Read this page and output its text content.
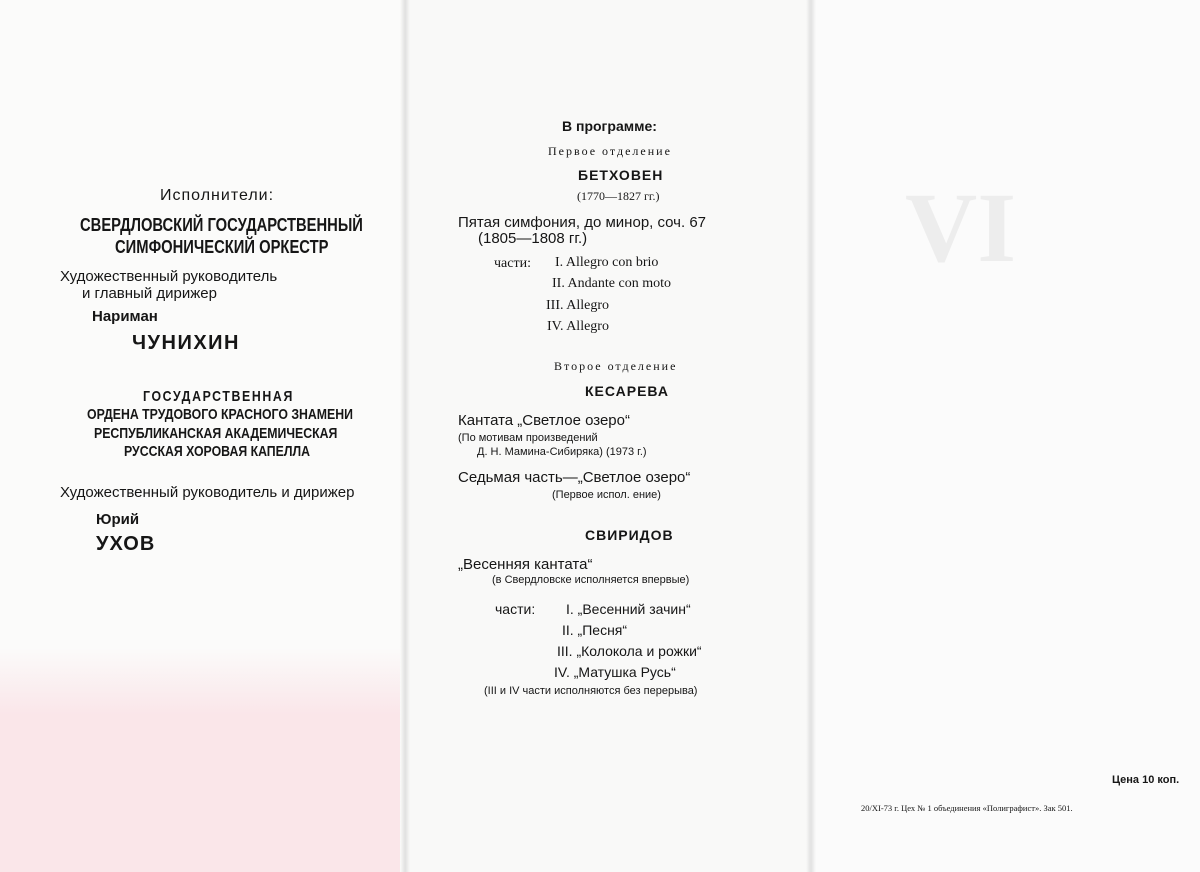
VI
Исполнители:
СВЕРДЛОВСКИЙ ГОСУДАРСТВЕННЫЙ
СИМФОНИЧЕСКИЙ ОРКЕСТР
Художественный руководитель
и главный дирижер
Нариман
ЧУНИХИН
ГОСУДАРСТВЕННАЯ
ОРДЕНА ТРУДОВОГО КРАСНОГО ЗНАМЕНИ
РЕСПУБЛИКАНСКАЯ АКАДЕМИЧЕСКАЯ
РУССКАЯ ХОРОВАЯ КАПЕЛЛА
Художественный руководитель и дирижер
Юрий
УХОВ
В программе:
Первое отделение
БЕТХОВЕН
(1770—1827 гг.)
Пятая симфония, до минор, соч. 67
(1805—1808 гг.)
части: I. Allegro con brio
II. Andante con moto
III. Allegro
IV. Allegro
Второе отделение
КЕСАРЕВА
Кантата „Светлое озеро“
(По мотивам произведений
Д. Н. Мамина-Сибиряка) (1973 г.)
Седьмая часть—„Светлое озеро“
(Первое испол. ение)
СВИРИДОВ
„Весенняя кантата“
(в Свердловске исполняется впервые)
части: I. „Весенний зачин“
II. „Песня“
III. „Колокола и рожки“
IV. „Матушка Русь“
(III и IV части исполняются без перерыва)
Цена 10 коп.
20/XI-73 г. Цех № 1 объединения «Полиграфист». Зак 501.
